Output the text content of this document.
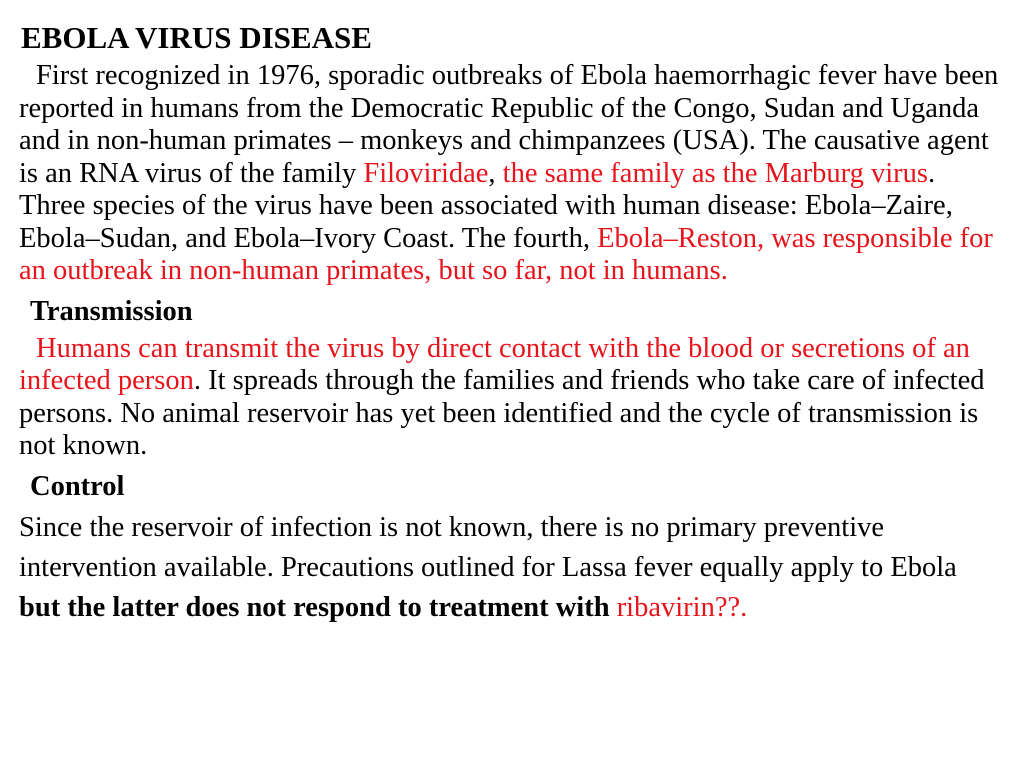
EBOLA VIRUS DISEASE

First recognized in 1976, sporadic outbreaks of Ebola haemorrhagic fever have been reported in humans from the Democratic Republic of the Congo, Sudan and Uganda and in non-human primates – monkeys and chimpanzees (USA). The causative agent is an RNA virus of the family Filoviridae, the same family as the Marburg virus. Three species of the virus have been associated with human disease: Ebola–Zaire, Ebola–Sudan, and Ebola–Ivory Coast. The fourth, Ebola–Reston, was responsible for an outbreak in non-human primates, but so far, not in humans.

Transmission

Humans can transmit the virus by direct contact with the blood or secretions of an infected person. It spreads through the families and friends who take care of infected persons. No animal reservoir has yet been identified and the cycle of transmission is not known.

Control

Since the reservoir of infection is not known, there is no primary preventive intervention available. Precautions outlined for Lassa fever equally apply to Ebola but the latter does not respond to treatment with ribavirin??.
